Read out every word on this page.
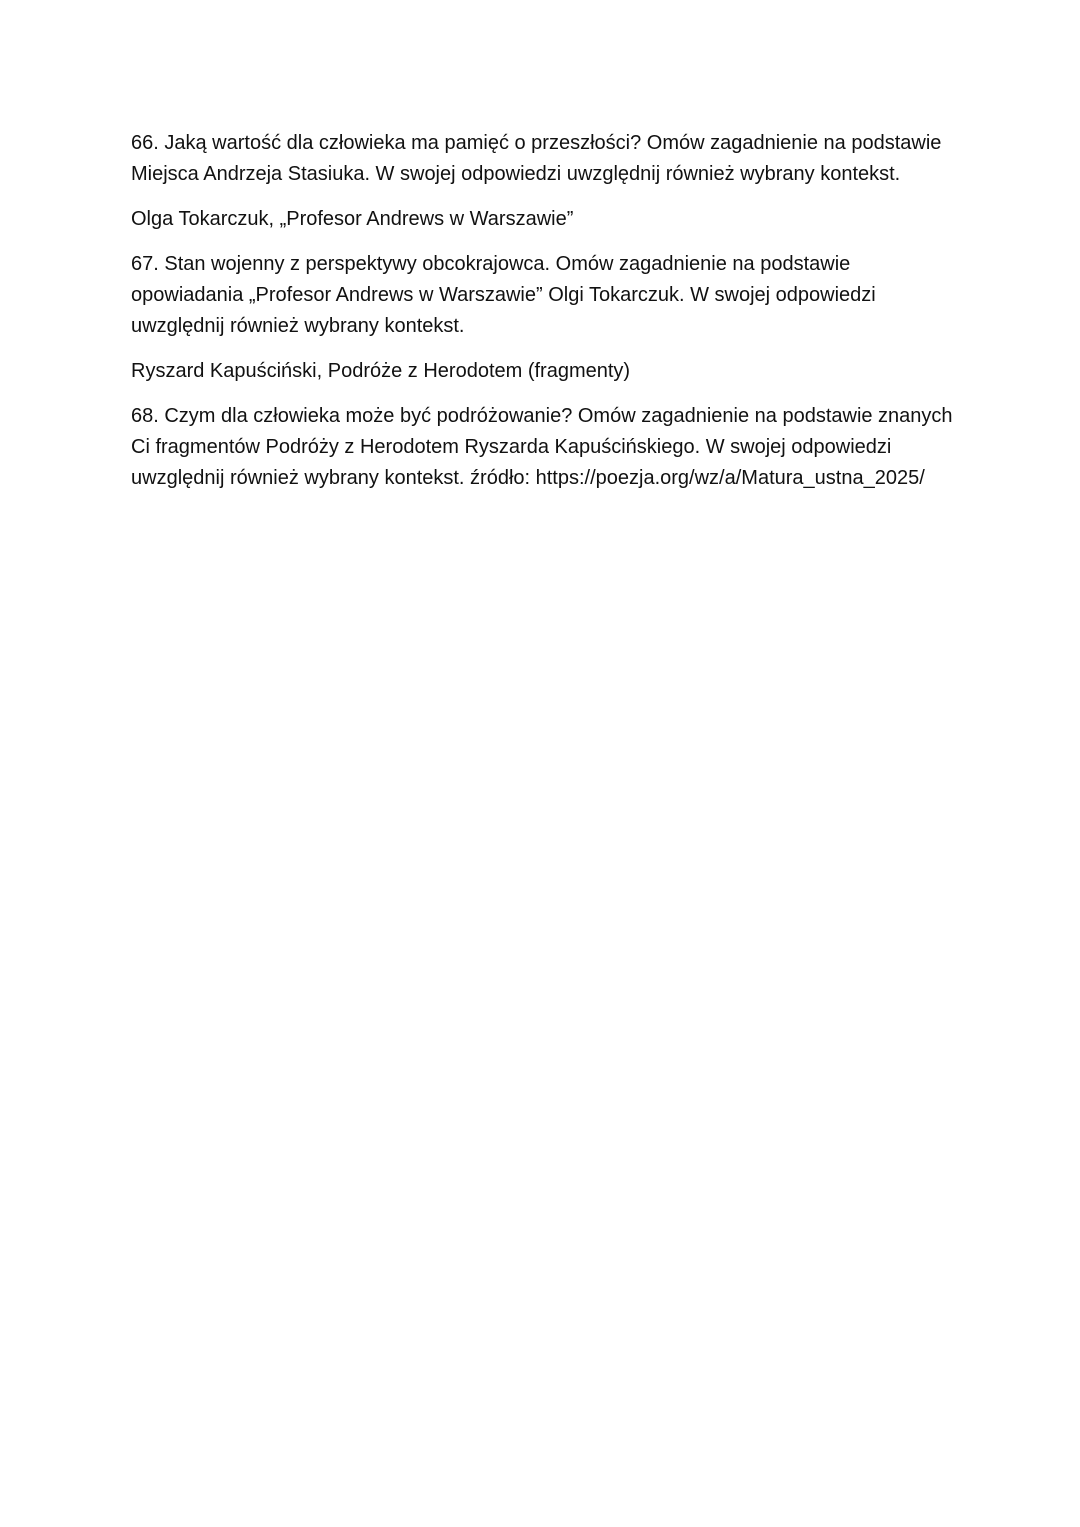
66. Jaką wartość dla człowieka ma pamięć o przeszłości? Omów zagadnienie na podstawie Miejsca Andrzeja Stasiuka. W swojej odpowiedzi uwzględnij również wybrany kontekst.

Olga Tokarczuk, „Profesor Andrews w Warszawie”

67. Stan wojenny z perspektywy obcokrajowca. Omów zagadnienie na podstawie opowiadania „Profesor Andrews w Warszawie” Olgi Tokarczuk. W swojej odpowiedzi uwzględnij również wybrany kontekst.

Ryszard Kapuściński, Podróże z Herodotem (fragmenty)

68. Czym dla człowieka może być podróżowanie? Omów zagadnienie na podstawie znanych Ci fragmentów Podróży z Herodotem Ryszarda Kapuścińskiego. W swojej odpowiedzi uwzględnij również wybrany kontekst. źródło: https://poezja.org/wz/a/Matura_ustna_2025/
